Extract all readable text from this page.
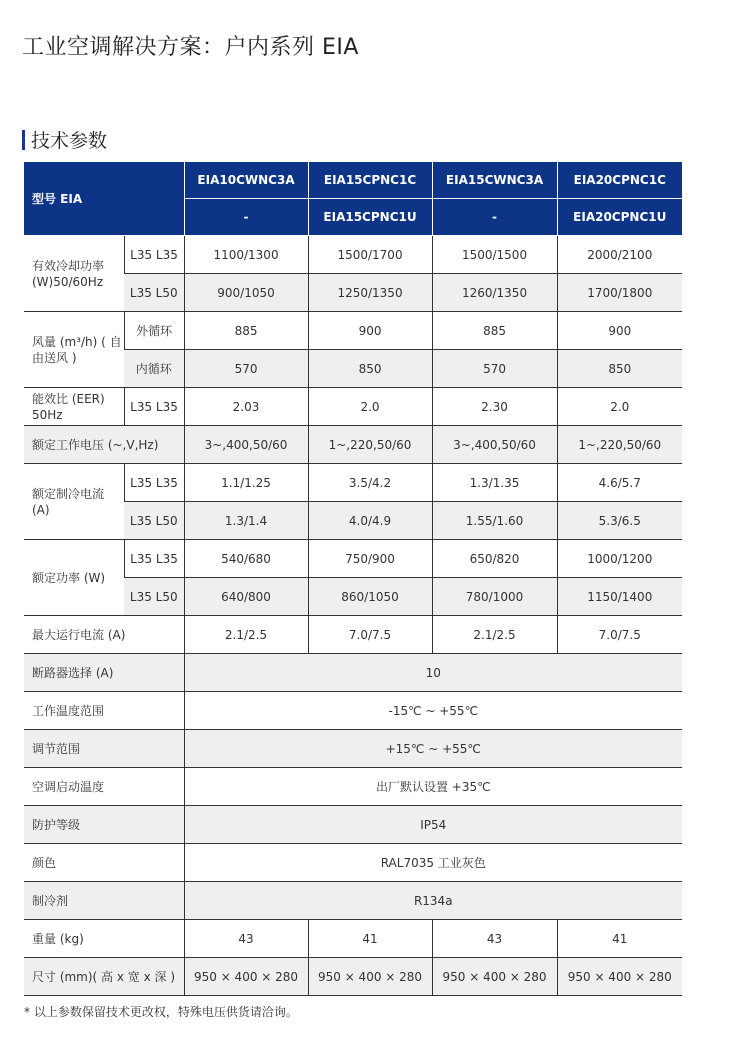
工业空调解决方案：户内系列 EIA
技术参数
型号 EIA		EIA10CWNC3A	EIA15CPNC1C	EIA15CWNC3A	EIA20CPNC1C
		-	EIA15CPNC1U	-	EIA20CPNC1U
有效冷却功率 (W)50/60Hz	L35 L35	1100/1300	1500/1700	1500/1500	2000/2100
	L35 L50	900/1050	1250/1350	1260/1350	1700/1800
风量 (m³/h) ( 自由送风 )	外循环	885	900	885	900
	内循环	570	850	570	850
能效比 (EER) 50Hz	L35 L35	2.03	2.0	2.30	2.0
额定工作电压 (~,V,Hz)		3~,400,50/60	1~,220,50/60	3~,400,50/60	1~,220,50/60
额定制冷电流 (A)	L35 L35	1.1/1.25	3.5/4.2	1.3/1.35	4.6/5.7
	L35 L50	1.3/1.4	4.0/4.9	1.55/1.60	5.3/6.5
额定功率 (W)	L35 L35	540/680	750/900	650/820	1000/1200
	L35 L50	640/800	860/1050	780/1000	1150/1400
最大运行电流 (A)		2.1/2.5	7.0/7.5	2.1/2.5	7.0/7.5
断路器选择 (A)		10			
工作温度范围		-15℃ ~ +55℃			
调节范围		+15℃ ~ +55℃			
空调启动温度		出厂默认设置 +35℃			
防护等级		IP54			
颜色		RAL7035 工业灰色			
制冷剂		R134a			
重量 (kg)		43	41	43	41
尺寸 (mm)( 高 x 宽 x 深 )		950 × 400 × 280	950 × 400 × 280	950 × 400 × 280	950 × 400 × 280
* 以上参数保留技术更改权，特殊电压供货请洽询。
